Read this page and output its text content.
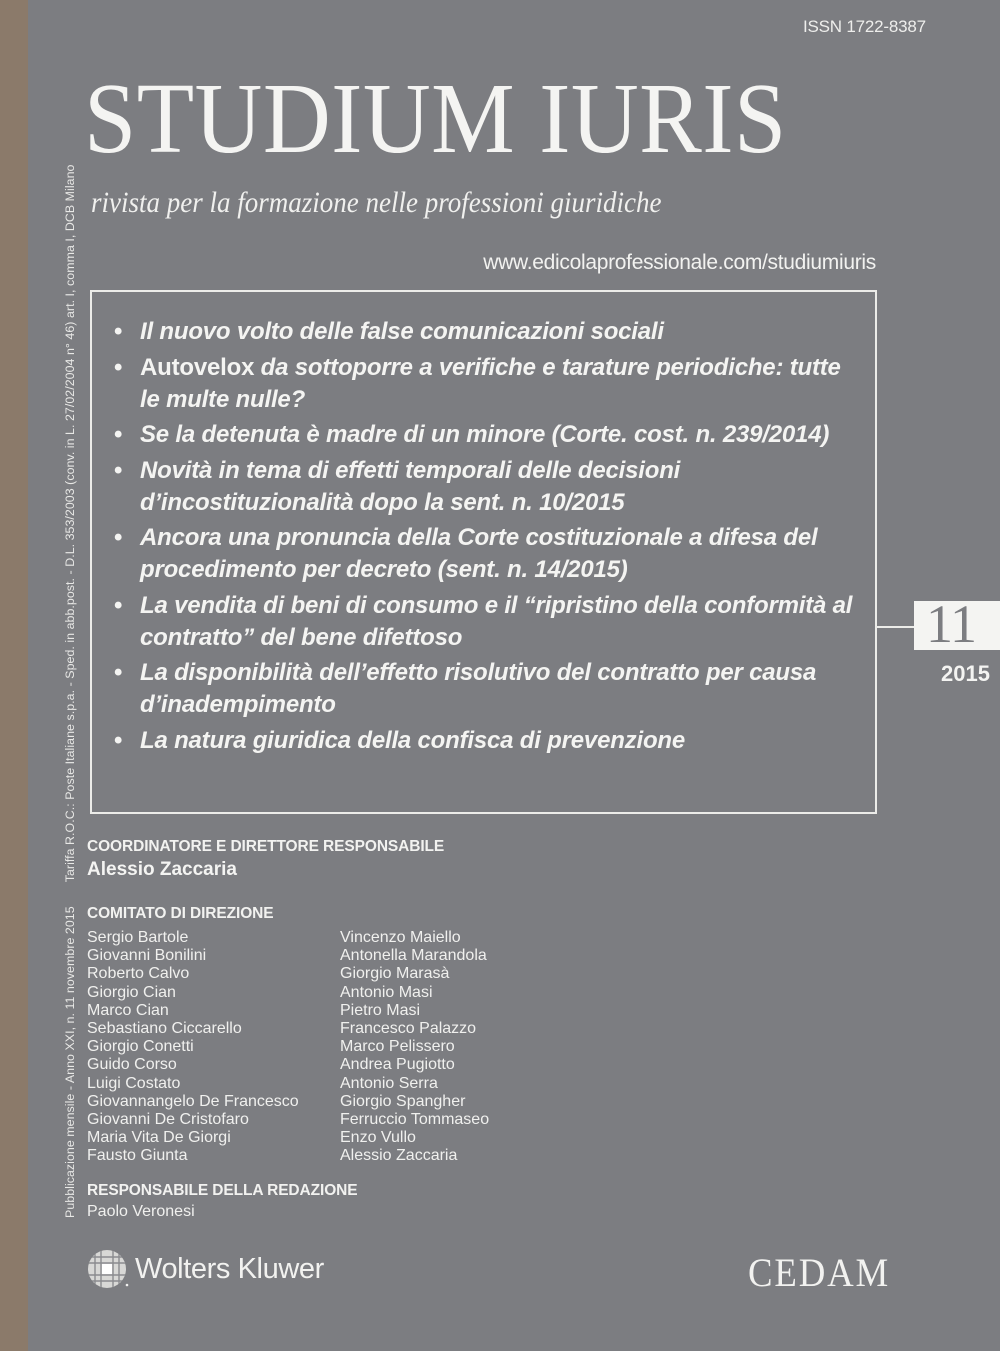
Pubblicazione mensile - Anno XXI, n. 11 novembre 2015Tariffa R.O.C.: Poste Italiane s.p.a. - Sped. in abb.post. - D.L. 353/2003 (conv. in L. 27/02/2004 n° 46) art. I, comma I, DCB Milano
ISSN 1722-8387
STUDIUM IURIS
rivista per la formazione nelle professioni giuridiche
www.edicolaprofessionale.com/studiumiuris
• Il nuovo volto delle false comunicazioni sociali
• Autovelox da sottoporre a verifiche e tarature periodiche: tutte le multe nulle?
• Se la detenuta è madre di un minore (Corte. cost. n. 239/2014)
• Novità in tema di effetti temporali delle decisioni d’incostituzionalità dopo la sent. n. 10/2015
• Ancora una pronuncia della Corte costituzionale a difesa del procedimento per decreto (sent. n. 14/2015)
• La vendita di beni di consumo e il “ripristino della conformità al contratto” del bene difettoso
• La disponibilità dell’effetto risolutivo del contratto per causa d’inadempimento
• La natura giuridica della confisca di prevenzione
11
2015
COORDINATORE E DIRETTORE RESPONSABILE
Alessio Zaccaria
COMITATO DI DIREZIONE
Sergio Bartole
Giovanni Bonilini
Roberto Calvo
Giorgio Cian
Marco Cian
Sebastiano Ciccarello
Giorgio Conetti
Guido Corso
Luigi Costato
Giovannangelo De Francesco
Giovanni De Cristofaro
Maria Vita De Giorgi
Fausto Giunta
Vincenzo Maiello
Antonella Marandola
Giorgio Marasà
Antonio Masi
Pietro Masi
Francesco Palazzo
Marco Pelissero
Andrea Pugiotto
Antonio Serra
Giorgio Spangher
Ferruccio Tommaseo
Enzo Vullo
Alessio Zaccaria
RESPONSABILE DELLA REDAZIONE
Paolo Veronesi
Wolters Kluwer	CEDAM
